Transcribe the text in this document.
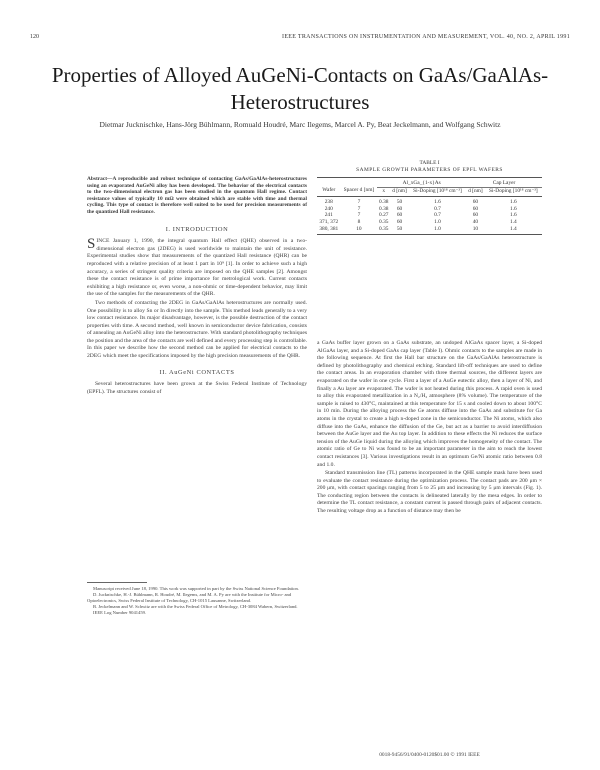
120	IEEE TRANSACTIONS ON INSTRUMENTATION AND MEASUREMENT, VOL. 40, NO. 2, APRIL 1991
Properties of Alloyed AuGeNi-Contacts on GaAs/GaAlAs-Heterostructures
Dietmar Jucknischke, Hans-Jörg Bühlmann, Romuald Houdré, Marc Ilegems, Marcel A. Py, Beat Jeckelmann, and Wolfgang Schwitz

Abstract—A reproducible and robust technique of contacting GaAs/GaAlAs-heterostructures using an evaporated AuGeNi alloy has been developed. The behavior of the electrical contacts to the two-dimensional electron gas has been studied in the quantum Hall regime. Contact resistance values of typically 10 mΩ were obtained which are stable with time and thermal cycling. This type of contact is therefore well suited to be used for precision measurements of the quantized Hall resistance.

I. INTRODUCTION

SINCE January 1, 1990, the integral quantum Hall effect (QHE) observed in a two-dimensional electron gas (2DEG) is used worldwide to maintain the unit of resistance. Experimental studies show that measurements of the quantized Hall resistance (QHR) can be reproduced with a relative precision of at least 1 part in 10⁹ [1]. In order to achieve such a high accuracy, a series of stringent quality criteria are imposed on the QHE samples [2]. Amongst these the contact resistance is of prime importance for metrological work. Current contacts exhibiting a high resistance or, even worse, a non-ohmic or time-dependent behavior, may limit the use of the samples for the measurements of the QHR.

Two methods of contacting the 2DEG in GaAs/GaAlAs heterostructures are normally used. One possibility is to alloy Sn or In directly into the sample. This method leads generally to a very low contact resistance. Its major disadvantage, however, is the possible destruction of the contact properties with time. A second method, well known in semiconductor device fabrication, consists of annealing an AuGeNi alloy into the heterostructure. With standard photolithography techniques the position and the area of the contacts are well defined and every processing step is controllable. In this paper we describe how the second method can be applied for electrical contacts to the 2DEG which meet the specifications imposed by the high precision measurements of the QHR.

II. AuGeNi CONTACTS

Several heterostructures have been grown at the Swiss Federal Institute of Technology (EPFL). The structures consist of

Manuscript received June 18, 1990. This work was supported in part by the Swiss National Science Foundation.

D. Jucknischke, H.-J. Bühlmann, R. Houdré, M. Ilegems, and M. A. Py are with the Institute for Micro- and Optoelectronics, Swiss Federal Institute of Technology, CH-1015 Lausanne, Switzerland.

B. Jeckelmann and W. Schwitz are with the Swiss Federal Office of Metrology, CH-3084 Wabern, Switzerland.

IEEE Log Number 9041459.

TABLE I
SAMPLE GROWTH PARAMETERS OF EPFL WAFERS
		Al_xGa_{1-x}As			Cap Layer	
Wafer	Spacer d [nm]	x	d [nm]	Si-Doping [10¹⁸ cm⁻³]	d [nm]	Si-Doping [10¹⁸ cm⁻³]
238	7	0.38	50	1.6	60	1.6
240	7	0.38	60	0.7	60	1.6
241	7	0.27	60	0.7	60	1.6
371, 372	8	0.35	60	1.0	40	1.4
380, 381	10	0.35	50	1.0	10	1.4

a GaAs buffer layer grown on a GaAs substrate, an undoped AlGaAs spacer layer, a Si-doped AlGaAs layer, and a Si-doped GaAs cap layer (Table I). Ohmic contacts to the samples are made in the following sequence. At first the Hall bar structure on the GaAs/GaAlAs heterostructure is defined by photolithography and chemical etching. Standard lift-off techniques are used to define the contact areas. In an evaporation chamber with three thermal sources, the different layers are evaporated on the wafer in one cycle. First a layer of a AuGe eutectic alloy, then a layer of Ni, and finally a Au layer are evaporated. The wafer is not heated during this process. A rapid oven is used to alloy this evaporated metallization in a N₂/H₂ atmosphere (8% volume). The temperature of the sample is raised to 430°C, maintained at this temperature for 15 s and cooled down to about 100°C in 10 min. During the alloying process the Ge atoms diffuse into the GaAs and substitute for Ga atoms in the crystal to create a high n-doped zone in the semiconductor. The Ni atoms, which also diffuse into the GaAs, enhance the diffusion of the Ge, but act as a barrier to avoid interdiffusion between the AuGe layer and the Au top layer. In addition to these effects the Ni reduces the surface tension of the AuGe liquid during the alloying which improves the homogeneity of the contact. The atomic ratio of Ge to Ni was found to be an important parameter in the aim to reach the lowest contact resistances [3]. Various investigations result in an optimum Ge/Ni atomic ratio between 0.8 and 1.0.

Standard transmission line (TL) patterns incorporated in the QHE sample mask have been used to evaluate the contact resistance during the optimization process. The contact pads are 200 μm × 200 μm, with contact spacings ranging from 5 to 25 μm and increasing by 5 μm intervals (Fig. 1). The conducting region between the contacts is delineated laterally by the mesa edges. In order to determine the TL contact resistance, a constant current is passed through pairs of adjacent contacts. The resulting voltage drop as a function of distance may then be

0018-9456/91/0400-0120$01.00 © 1991 IEEE
